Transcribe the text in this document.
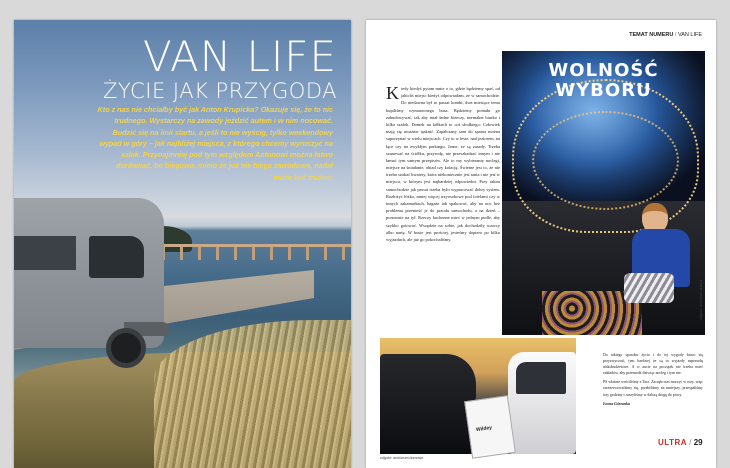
VAN LIFE
ŻYCIE JAK PRZYGODA
Kto z nas nie chciałby być jak Anton Krupicka? Okazuje się, że to nic trudnego. Wystarczy na zawody jeździć autem i w nim nocować. Budzić się na linii startu, a jeśli to nie wyścig, tylko weekendowy wypad w góry – jak najbliżej miejsca, z którego chcemy wyruszyć na szlak. Przynajmniej pod tym względem Antonowi można łatwo dorównać, bo biegowo, mimo że już nie biega zawodowo, nadal może być trudno.
TEMAT NUMERU / VAN LIFE
Kiedy kiedyś pytam mnie o to, gdzie będziemy spać, od jakichś miejsc kiedyś odpowiadam, że w samochodzie. Do niedawna był to passat kombi, dwa miesiące temu kupiliśmy wymarzonego busa. Będziemy pomału go zabudowywać, tak aby miał ładne łóżeczy, normalne biurko i kilka szafek. Domek na kółkach to coś słodkiego: Człowiek mają się uważnie tęsknić. Zapałczany sam do spania można suporzynać w wielu miejscach. Czy to w lesie, nad jeziorem, na łące czy na zwykłym parkingu. Jasne, że są zasady. Trzeba szanować na ściółku, przyrodę, nie przeszkadzać innym i nie łamać tym samym przepisów. Ale to my wybieramy noclegi, miejsce na śniadanie, obiad czy kolację. Świetne jest to, że nie trzeba szukać kwatery, która niekoniecznie jest tania i nie jest w miejscu, w którym jest najbardziej odpowiedni. Przy takim samochodzie jak passat trzeba było wypracować dobry system. Rozłożyć łóżko, mniej więcej trzyosobowe pod fotelami czy w innych zakamarkach, bagaże tak spakować, aby na noc bez problemu przenieść je do przodu samochodu, a na dzień – ponownie na tył. Rzeczy kuchenne mieć w jednym pudle, aby szybko gotować. Wszędzie na sobie, jak dochodziły wzorcy albo nartę. W busie jest prościej, jesteśmy dopiero po kilku wyjazdach, ale już go pokochaliśmy.
WOLNOŚĆ
WYBORU
zdjęcie: archiwum autora
Wildey
zdjęcie: archiwum domowe

Do takiego sposobu życia i do tej wygody łatwo się przyzwyczaić, tym bardziej że są to wyjazdy naprawdę niskobudżetowe. A w aucie na początek nie trzeba mieć zakładów, aby przemodź dziwiąc nocleg i tym nie.

PS właśnie wróciliśmy z Tarz. Zaczęło nas morzyć w rozy, więc zarezerwowaliśmy się, przebiliśmy na mniejszy, przespaliśmy trzy godziny i ruszyliśmy w dalszą drogę do pracy.

Iwona Górzanka
ULTRA / 29
